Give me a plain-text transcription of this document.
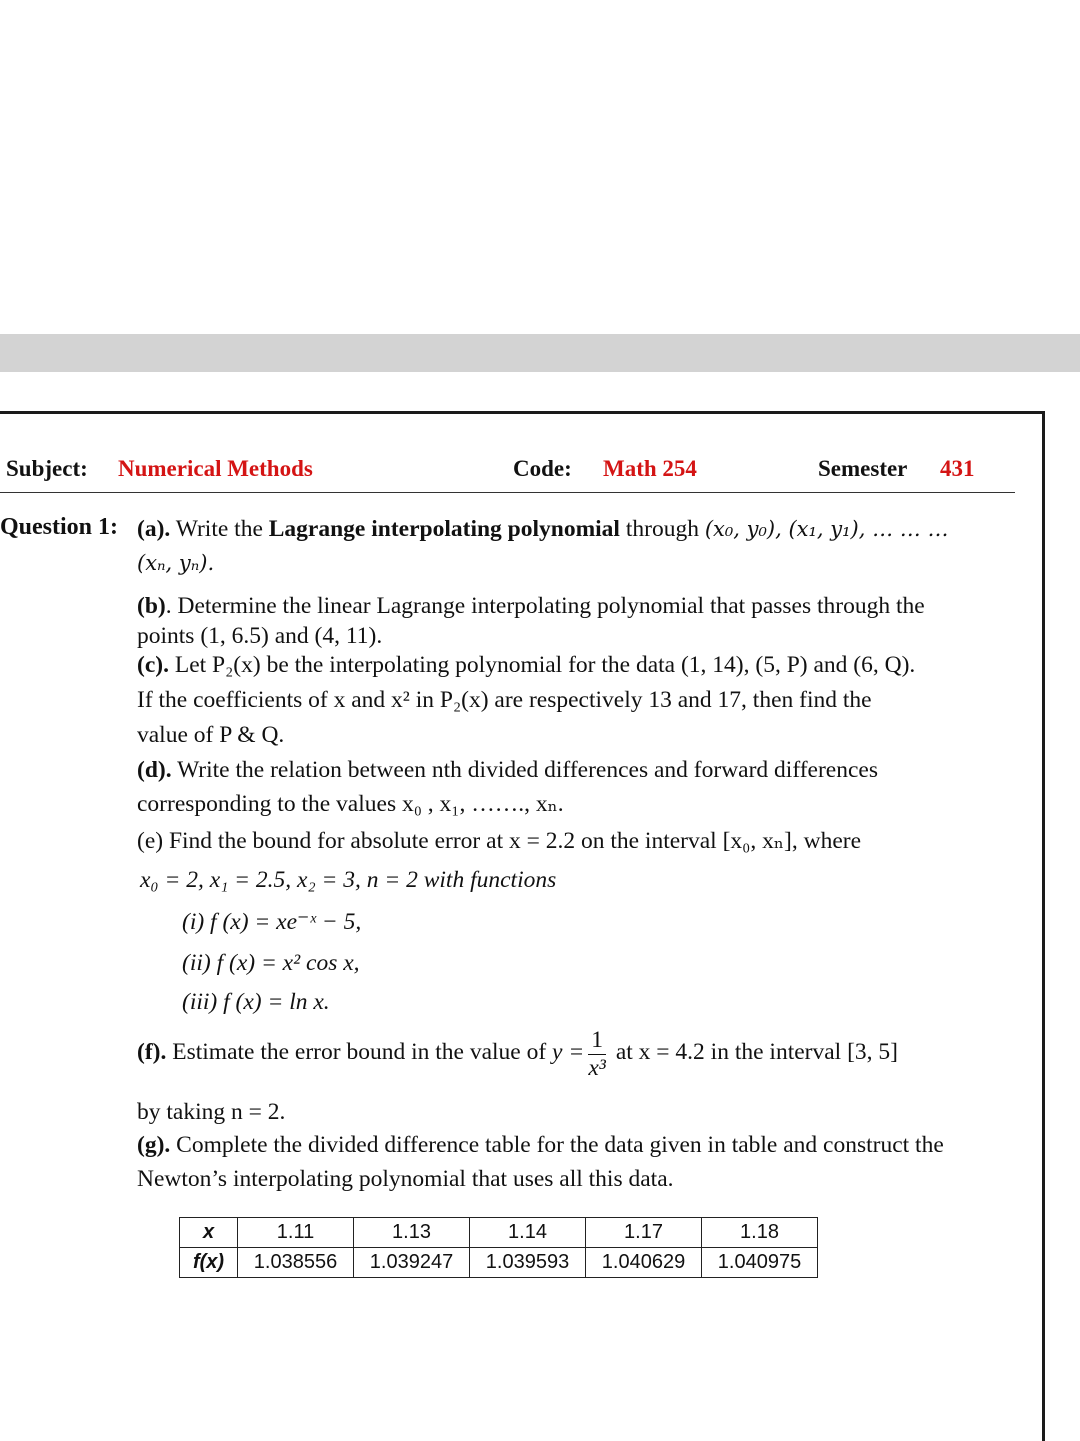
Subject: Numerical Methods	Code: Math 254	Semester 431
Question 1: (a). Write the Lagrange interpolating polynomial through (x₀, y₀), (x₁, y₁), … … …
(xₙ, yₙ).
(b). Determine the linear Lagrange interpolating polynomial that passes through the
points (1, 6.5) and (4, 11).
(c). Let P₂(x) be the interpolating polynomial for the data (1, 14), (5, P) and (6, Q).
If the coefficients of x and x² in P₂(x) are respectively 13 and 17, then find the
value of P & Q.
(d). Write the relation between nth divided differences and forward differences
corresponding to the values x₀ , x₁, ……., xₙ.
(e) Find the bound for absolute error at x = 2.2 on the interval [x₀, xₙ], where
x₀ = 2, x₁ = 2.5, x₂ = 3, n = 2 with functions
(i) f (x) = xe⁻ˣ − 5,
(ii) f (x) = x² cos x,
(iii) f (x) = ln x.
(f). Estimate the error bound in the value of $y = \frac{1}{\text{x³}}$ at x = 4.2 in the interval [3, 5]
by taking n = 2.
(g). Complete the divided difference table for the data given in table and construct the
Newton’s interpolating polynomial that uses all this data.
x	1.11	1.13	1.14	1.17	1.18
f(x)	1.038556	1.039247	1.039593	1.040629	1.040975
